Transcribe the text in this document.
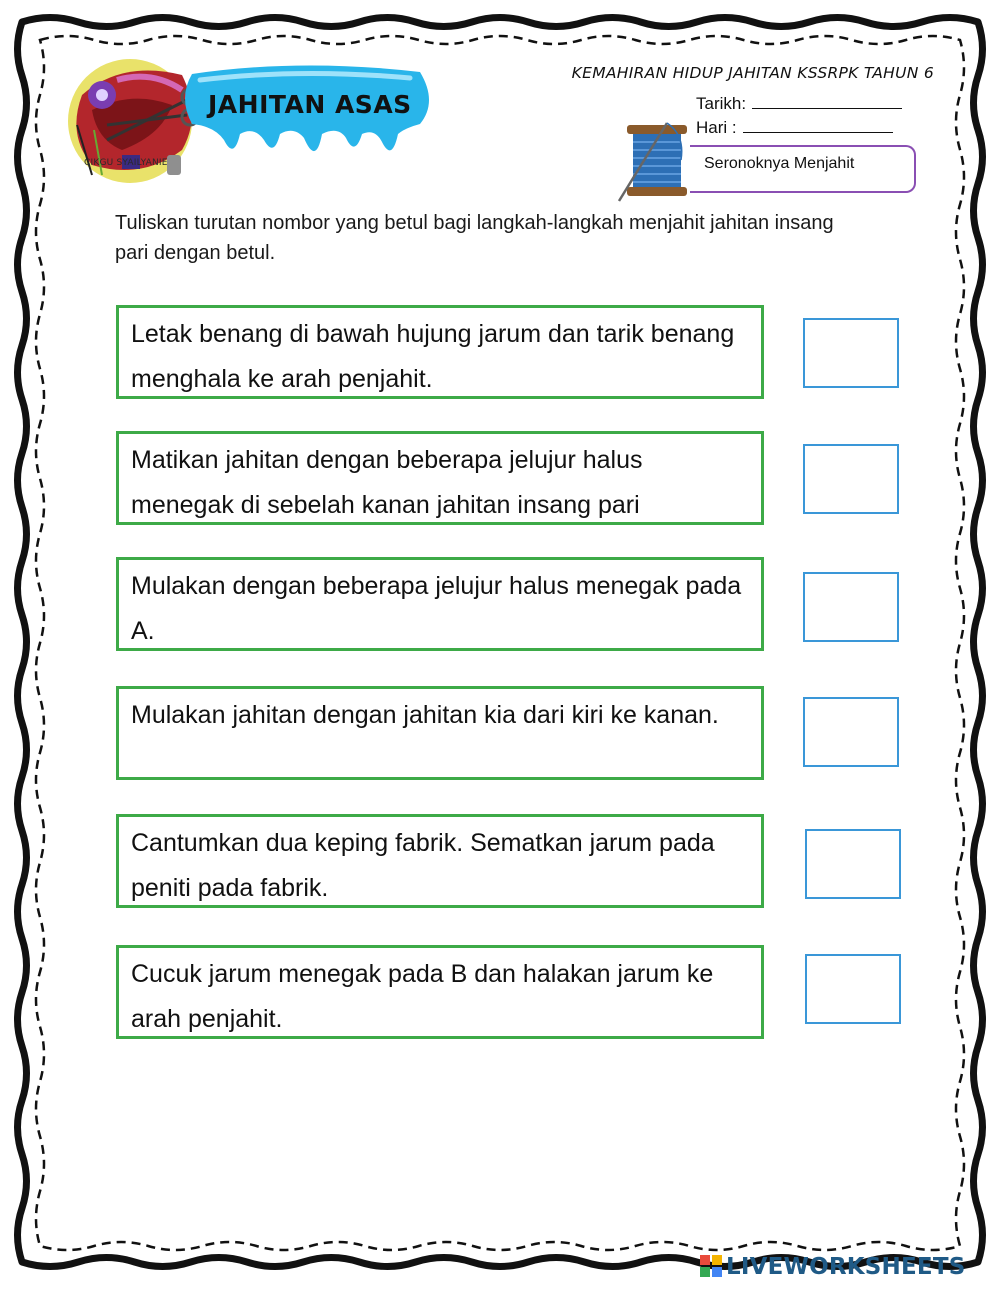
CIKGU SYAILYANIE
JAHITAN ASAS
KEMAHIRAN HIDUP JAHITAN KSSRPK TAHUN 6
Tarikh:
Hari :
Seronoknya Menjahit
Tuliskan turutan nombor yang betul bagi langkah-langkah menjahit jahitan insang pari dengan betul.
Letak benang di bawah hujung jarum dan tarik benang menghala ke arah penjahit.
Matikan jahitan dengan beberapa jelujur halus menegak di sebelah kanan jahitan insang pari
Mulakan dengan beberapa jelujur halus menegak pada A.
Mulakan jahitan dengan jahitan kia dari kiri ke kanan.
Cantumkan dua keping fabrik. Sematkan jarum pada peniti pada fabrik.
Cucuk jarum menegak pada B dan halakan jarum ke arah penjahit.
LIVEWORKSHEETS
